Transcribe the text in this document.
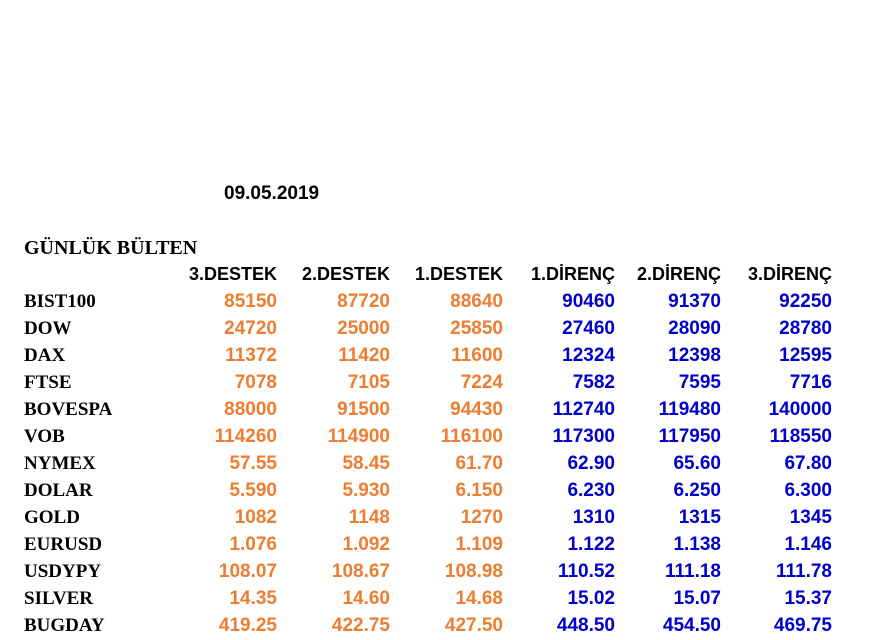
09.05.2019
GÜNLÜK BÜLTEN
	3.DESTEK	2.DESTEK	1.DESTEK	1.DİRENÇ	2.DİRENÇ	3.DİRENÇ
BIST100	85150	87720	88640	90460	91370	92250
DOW	24720	25000	25850	27460	28090	28780
DAX	11372	11420	11600	12324	12398	12595
FTSE	7078	7105	7224	7582	7595	7716
BOVESPA	88000	91500	94430	112740	119480	140000
VOB	114260	114900	116100	117300	117950	118550
NYMEX	57.55	58.45	61.70	62.90	65.60	67.80
DOLAR	5.590	5.930	6.150	6.230	6.250	6.300
GOLD	1082	1148	1270	1310	1315	1345
EURUSD	1.076	1.092	1.109	1.122	1.138	1.146
USDYPY	108.07	108.67	108.98	110.52	111.18	111.78
SILVER	14.35	14.60	14.68	15.02	15.07	15.37
BUGDAY	419.25	422.75	427.50	448.50	454.50	469.75
